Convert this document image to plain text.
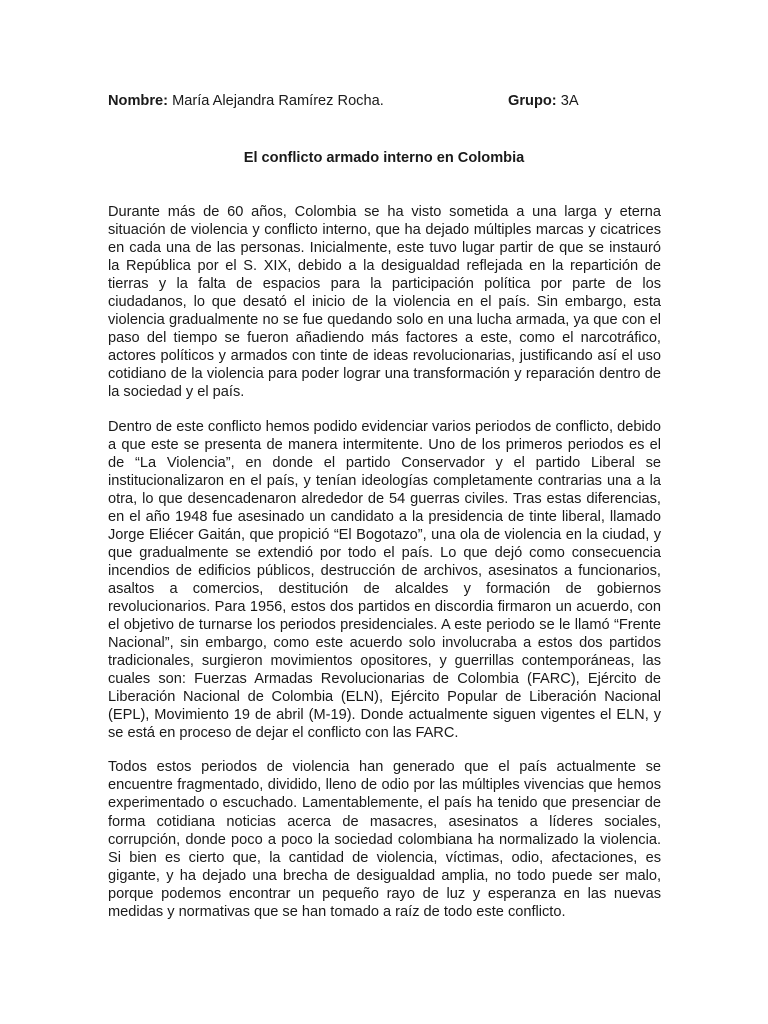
Nombre: María Alejandra Ramírez Rocha.	Grupo: 3A
El conflicto armado interno en Colombia

Durante más de 60 años, Colombia se ha visto sometida a una larga y eterna situación de violencia y conflicto interno, que ha dejado múltiples marcas y cicatrices en cada una de las personas. Inicialmente, este tuvo lugar partir de que se instauró la República por el S. XIX, debido a la desigualdad reflejada en la repartición de tierras y la falta de espacios para la participación política por parte de los ciudadanos, lo que desató el inicio de la violencia en el país. Sin embargo, esta violencia gradualmente no se fue quedando solo en una lucha armada, ya que con el paso del tiempo se fueron añadiendo más factores a este, como el narcotráfico, actores políticos y armados con tinte de ideas revolucionarias, justificando así el uso cotidiano de la violencia para poder lograr una transformación y reparación dentro de la sociedad y el país.

Dentro de este conflicto hemos podido evidenciar varios periodos de conflicto, debido a que este se presenta de manera intermitente. Uno de los primeros periodos es el de “La Violencia”, en donde el partido Conservador y el partido Liberal se institucionalizaron en el país, y tenían ideologías completamente contrarias una a la otra, lo que desencadenaron alrededor de 54 guerras civiles. Tras estas diferencias, en el año 1948 fue asesinado un candidato a la presidencia de tinte liberal, llamado Jorge Eliécer Gaitán, que propició “El Bogotazo”, una ola de violencia en la ciudad, y que gradualmente se extendió por todo el país. Lo que dejó como consecuencia incendios de edificios públicos, destrucción de archivos, asesinatos a funcionarios, asaltos a comercios, destitución de alcaldes y formación de gobiernos revolucionarios. Para 1956, estos dos partidos en discordia firmaron un acuerdo, con el objetivo de turnarse los periodos presidenciales. A este periodo se le llamó “Frente Nacional”, sin embargo, como este acuerdo solo involucraba a estos dos partidos tradicionales, surgieron movimientos opositores, y guerrillas contemporáneas, las cuales son: Fuerzas Armadas Revolucionarias de Colombia (FARC), Ejército de Liberación Nacional de Colombia (ELN), Ejército Popular de Liberación Nacional (EPL), Movimiento 19 de abril (M-19). Donde actualmente siguen vigentes el ELN, y se está en proceso de dejar el conflicto con las FARC.

Todos estos periodos de violencia han generado que el país actualmente se encuentre fragmentado, dividido, lleno de odio por las múltiples vivencias que hemos experimentado o escuchado. Lamentablemente, el país ha tenido que presenciar de forma cotidiana noticias acerca de masacres, asesinatos a líderes sociales, corrupción, donde poco a poco la sociedad colombiana ha normalizado la violencia. Si bien es cierto que, la cantidad de violencia, víctimas, odio, afectaciones, es gigante, y ha dejado una brecha de desigualdad amplia, no todo puede ser malo, porque podemos encontrar un pequeño rayo de luz y esperanza en las nuevas medidas y normativas que se han tomado a raíz de todo este conflicto.
